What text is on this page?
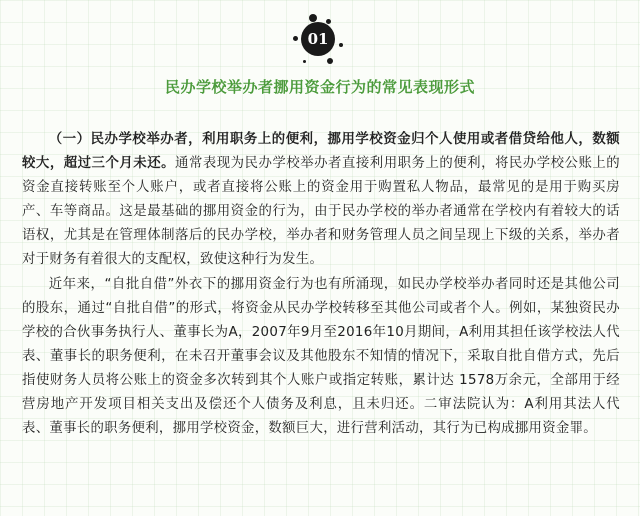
01
民办学校举办者挪用资金行为的常见表现形式

（一）民办学校举办者，利用职务上的便利，挪用学校资金归个人使用或者借贷给他人，数额较大，超过三个月未还。通常表现为民办学校举办者直接利用职务上的便利，将民办学校公账上的资金直接转账至个人账户，或者直接将公账上的资金用于购置私人物品，最常见的是用于购买房产、车等商品。这是最基础的挪用资金的行为，由于民办学校的举办者通常在学校内有着较大的话语权，尤其是在管理体制落后的民办学校，举办者和财务管理人员之间呈现上下级的关系，举办者对于财务有着很大的支配权，致使这种行为发生。

近年来，“自批自借”外衣下的挪用资金行为也有所涌现，如民办学校举办者同时还是其他公司的股东，通过“自批自借”的形式，将资金从民办学校转移至其他公司或者个人。例如，某独资民办学校的合伙事务执行人、董事长为A，2007年9月至2016年10月期间，A利用其担任该学校法人代表、董事长的职务便利，在未召开董事会议及其他股东不知情的情况下，采取自批自借方式，先后指使财务人员将公账上的资金多次转到其个人账户或指定转账，累计达 1578万余元，全部用于经营房地产开发项目相关支出及偿还个人债务及利息，且未归还。二审法院认为：A利用其法人代表、董事长的职务便利，挪用学校资金，数额巨大，进行营利活动，其行为已构成挪用资金罪。
